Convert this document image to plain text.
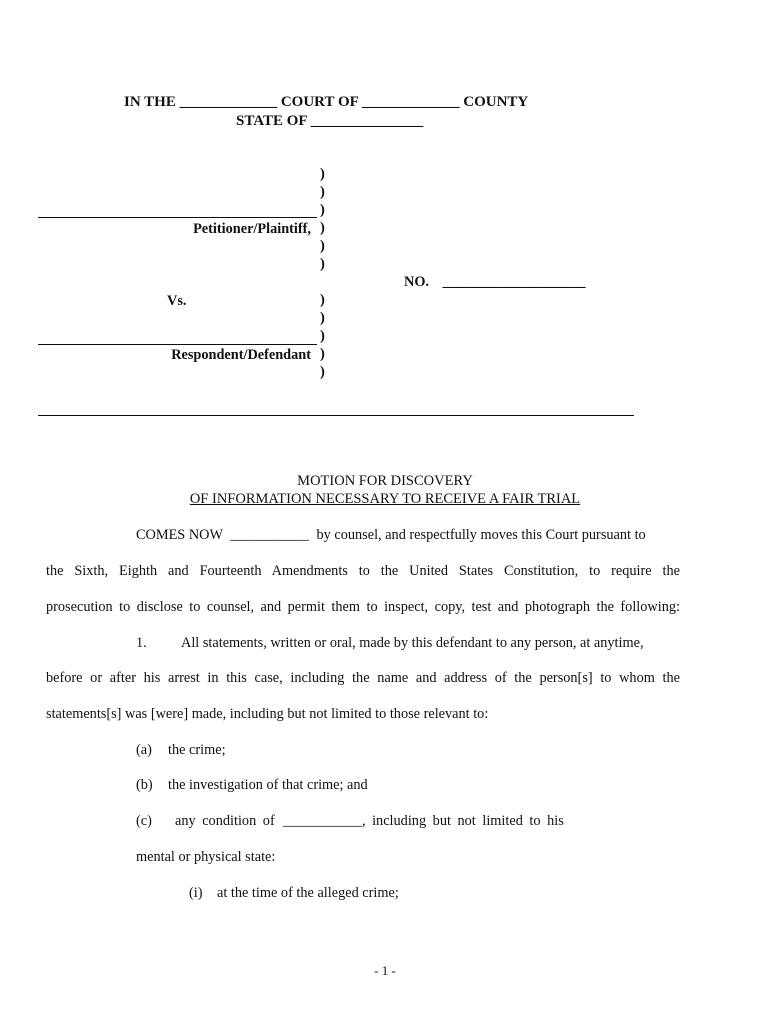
IN THE _____________ COURT OF _____________ COUNTY
STATE OF _______________
)
)
)
)
)
)
)
)
)
)
)
Petitioner/Plaintiff,
Vs.
Respondent/Defendant
NO. ____________________
MOTION FOR DISCOVERY
OF INFORMATION NECESSARY TO RECEIVE A FAIR TRIAL
COMES NOW ___________ by counsel, and respectfully moves this Court pursuant to
the Sixth, Eighth and Fourteenth Amendments to the United States Constitution, to require the
prosecution to disclose to counsel, and permit them to inspect, copy, test and photograph the following:
1. All statements, written or oral, made by this defendant to any person, at anytime,
before or after his arrest in this case, including the name and address of the person[s] to whom the
statements[s] was [were] made, including but not limited to those relevant to:
(a) the crime;
(b) the investigation of that crime; and
(c) any condition of ___________, including but not limited to his
mental or physical state:
(i) at the time of the alleged crime;
- 1 -
